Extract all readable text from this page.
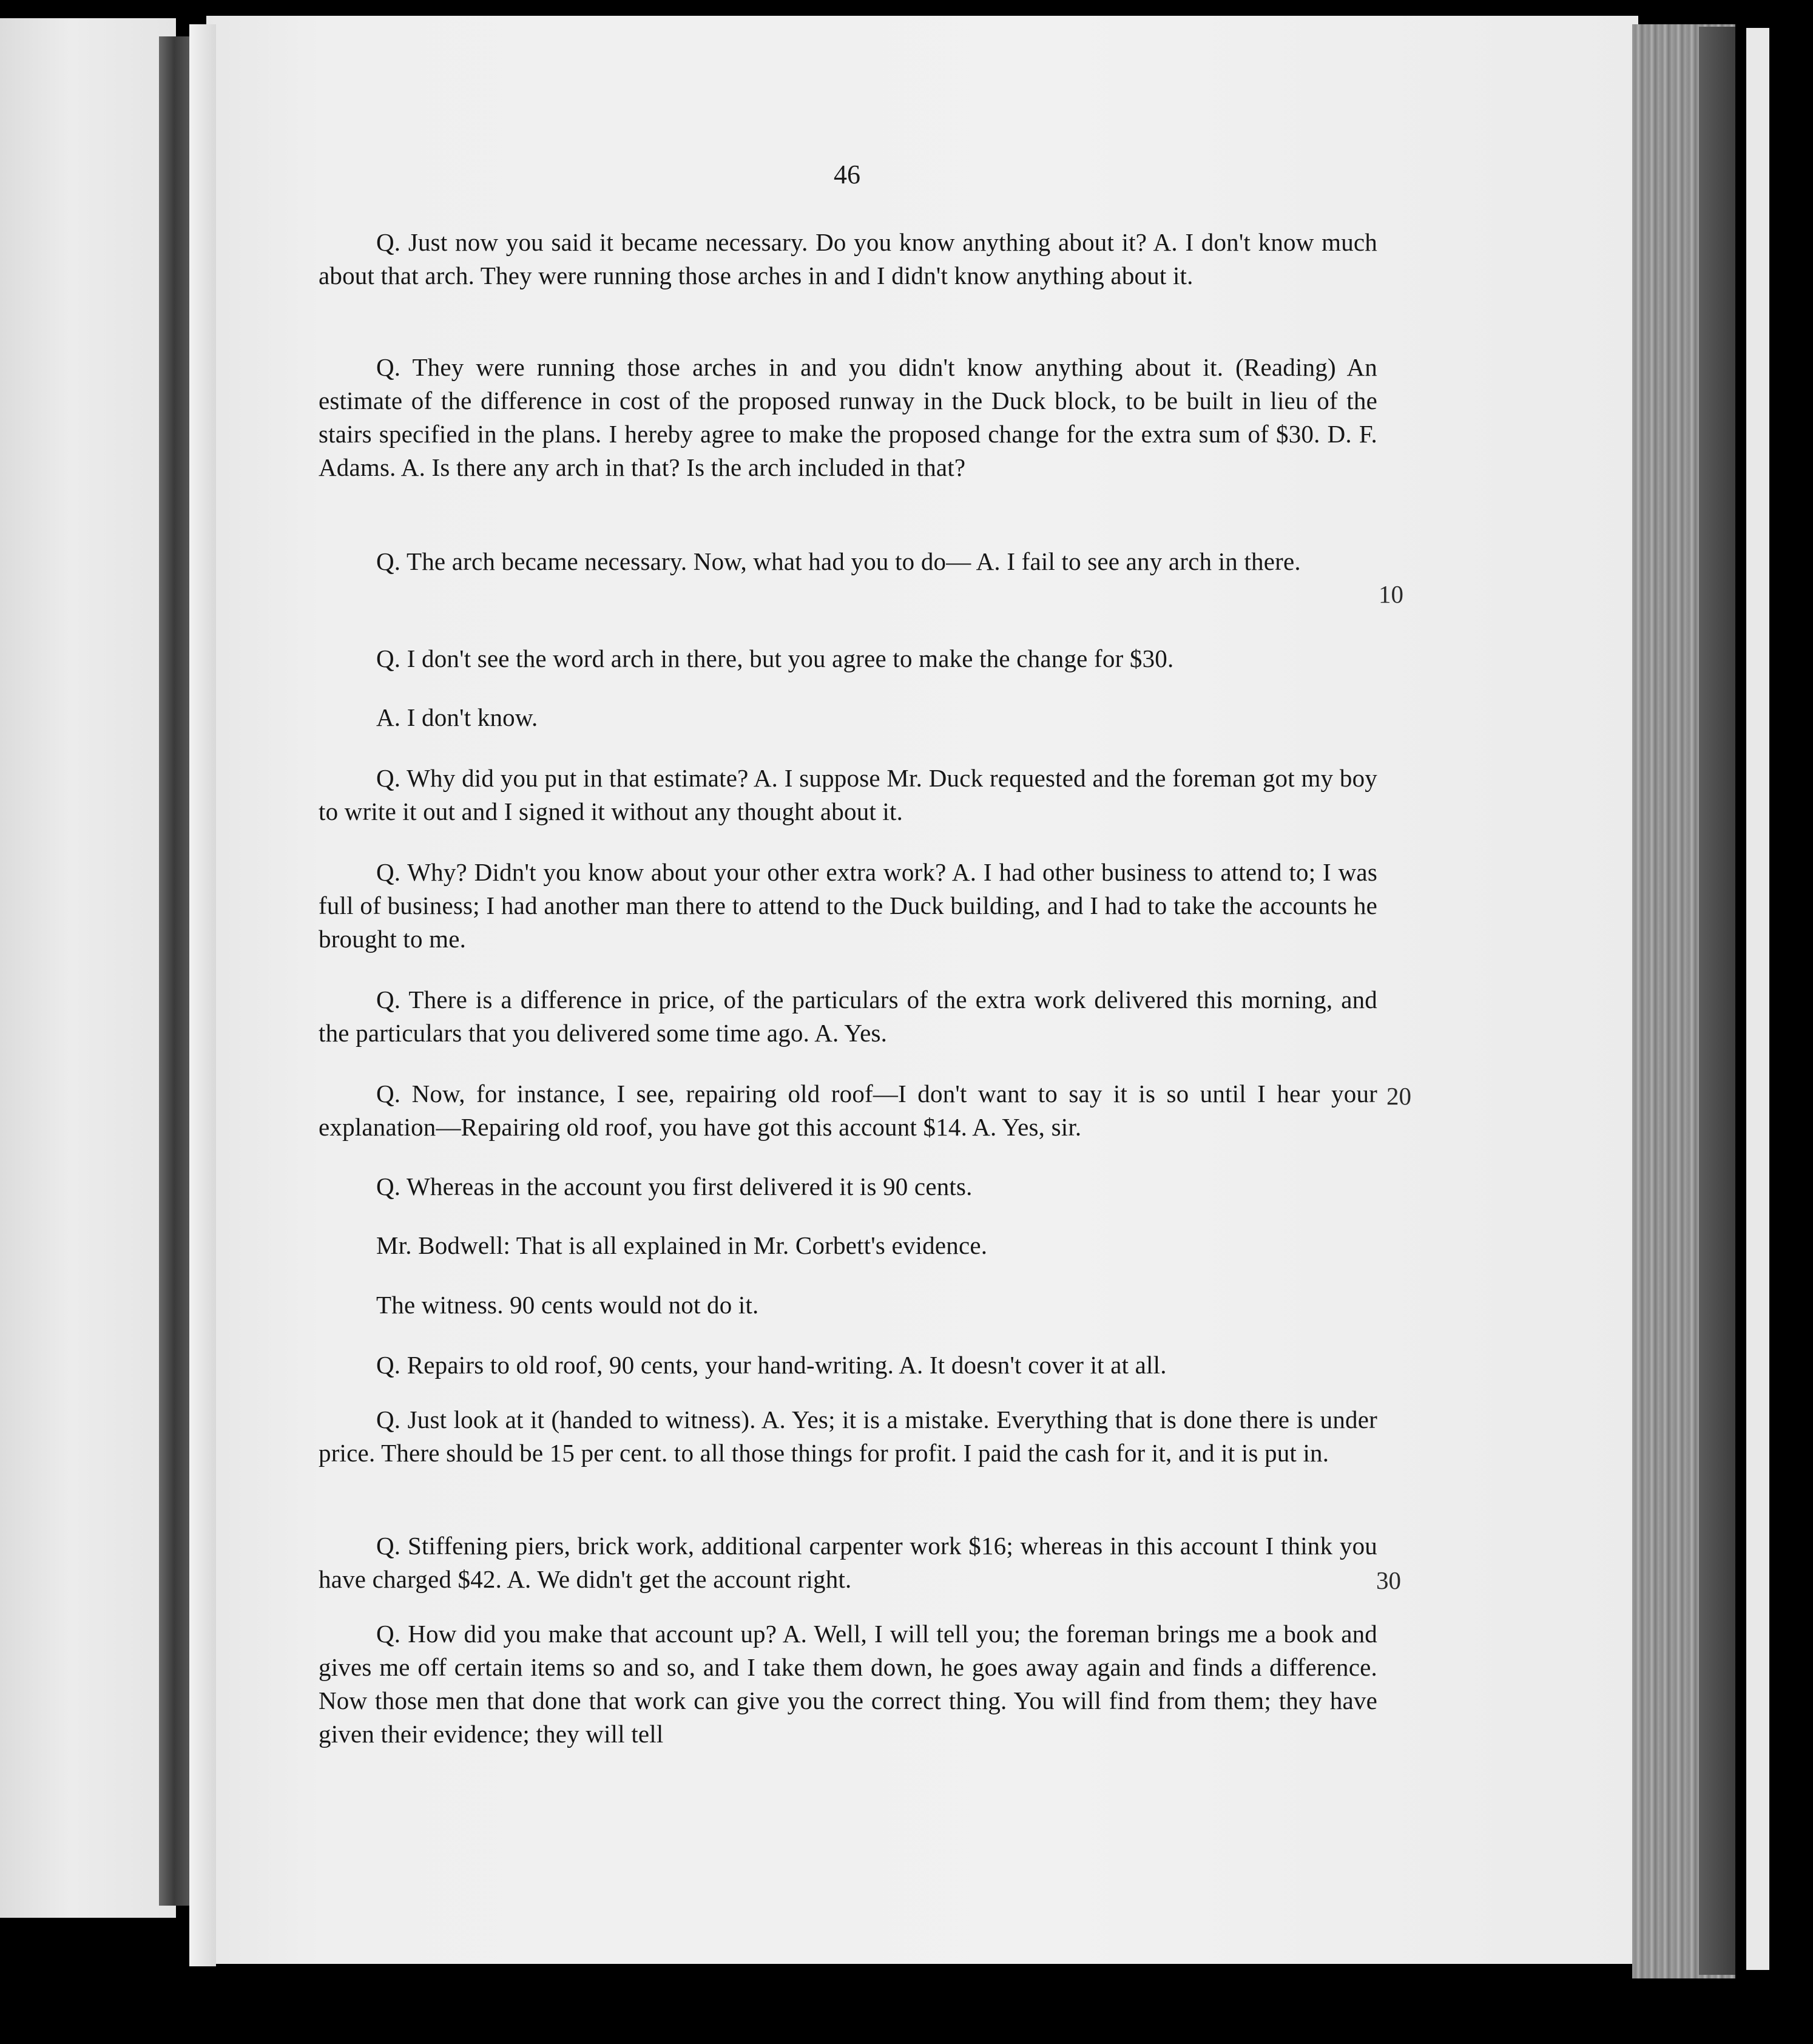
46

Q. Just now you said it became necessary. Do you know anything about it? A. I don't know much about that arch. They were running those arches in and I didn't know anything about it.

Q. They were running those arches in and you didn't know anything about it. (Reading) An estimate of the difference in cost of the proposed runway in the Duck block, to be built in lieu of the stairs specified in the plans. I hereby agree to make the proposed change for the extra sum of $30. D. F. Adams. A. Is there any arch in that? Is the arch included in that?

Q. The arch became necessary. Now, what had you to do— A. I fail to see any arch in there.

Q. I don't see the word arch in there, but you agree to make the change for $30.

A. I don't know.

Q. Why did you put in that estimate? A. I suppose Mr. Duck requested and the foreman got my boy to write it out and I signed it without any thought about it.

Q. Why? Didn't you know about your other extra work? A. I had other business to attend to; I was full of business; I had another man there to attend to the Duck building, and I had to take the accounts he brought to me.

Q. There is a difference in price, of the particulars of the extra work delivered this morning, and the particulars that you delivered some time ago. A. Yes.

Q. Now, for instance, I see, repairing old roof—I don't want to say it is so until I hear your explanation—Repairing old roof, you have got this account $14. A. Yes, sir.

Q. Whereas in the account you first delivered it is 90 cents.

Mr. Bodwell: That is all explained in Mr. Corbett's evidence.

The witness. 90 cents would not do it.

Q. Repairs to old roof, 90 cents, your hand-writing. A. It doesn't cover it at all.

Q. Just look at it (handed to witness). A. Yes; it is a mistake. Everything that is done there is under price. There should be 15 per cent. to all those things for profit. I paid the cash for it, and it is put in.

Q. Stiffening piers, brick work, additional carpenter work $16; whereas in this account I think you have charged $42. A. We didn't get the account right.

Q. How did you make that account up? A. Well, I will tell you; the foreman brings me a book and gives me off certain items so and so, and I take them down, he goes away again and finds a difference. Now those men that done that work can give you the correct thing. You will find from them; they have given their evidence; they will tell

10

20

30
